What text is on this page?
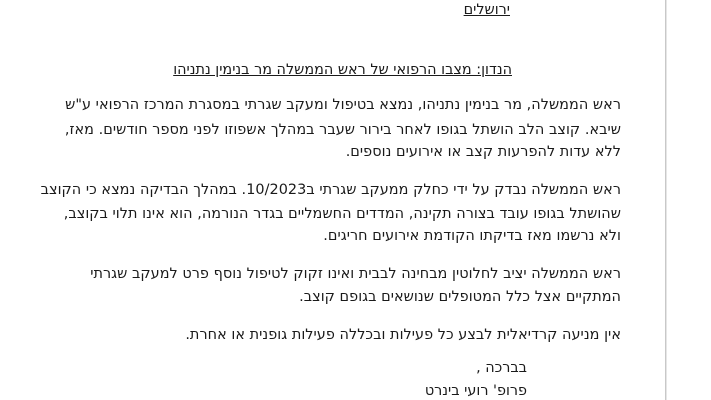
ירושלים
הנדון: מצבו הרפואי של ראש הממשלה מר בנימין נתניהו
ראש הממשלה, מר בנימין נתניהו, נמצא בטיפול ומעקב שגרתי במסגרת המרכז הרפואי ע"ש
שיבא. קוצב הלב הושתל בגופו לאחר בירור שעבר במהלך אשפוזו לפני מספר חודשים. מאז,
ללא עדות להפרעות קצב או אירועים נוספים.
ראש הממשלה נבדק על ידי כחלק ממעקב שגרתי ב10/2023. במהלך הבדיקה נמצא כי הקוצב
שהושתל בגופו עובד בצורה תקינה, המדדים החשמליים בגדר הנורמה, הוא אינו תלוי בקוצב,
ולא נרשמו מאז בדיקתו הקודמת אירועים חריגים.
ראש הממשלה יציב לחלוטין מבחינה לבבית ואינו זקוק לטיפול נוסף פרט למעקב שגרתי
המתקיים אצל כלל המטופלים שנושאים בגופם קוצב.
אין מניעה קרדיאלית לבצע כל פעילות ובכללה פעילות גופנית או אחרת.
בברכה ,
פרופ' רועי בינרט
